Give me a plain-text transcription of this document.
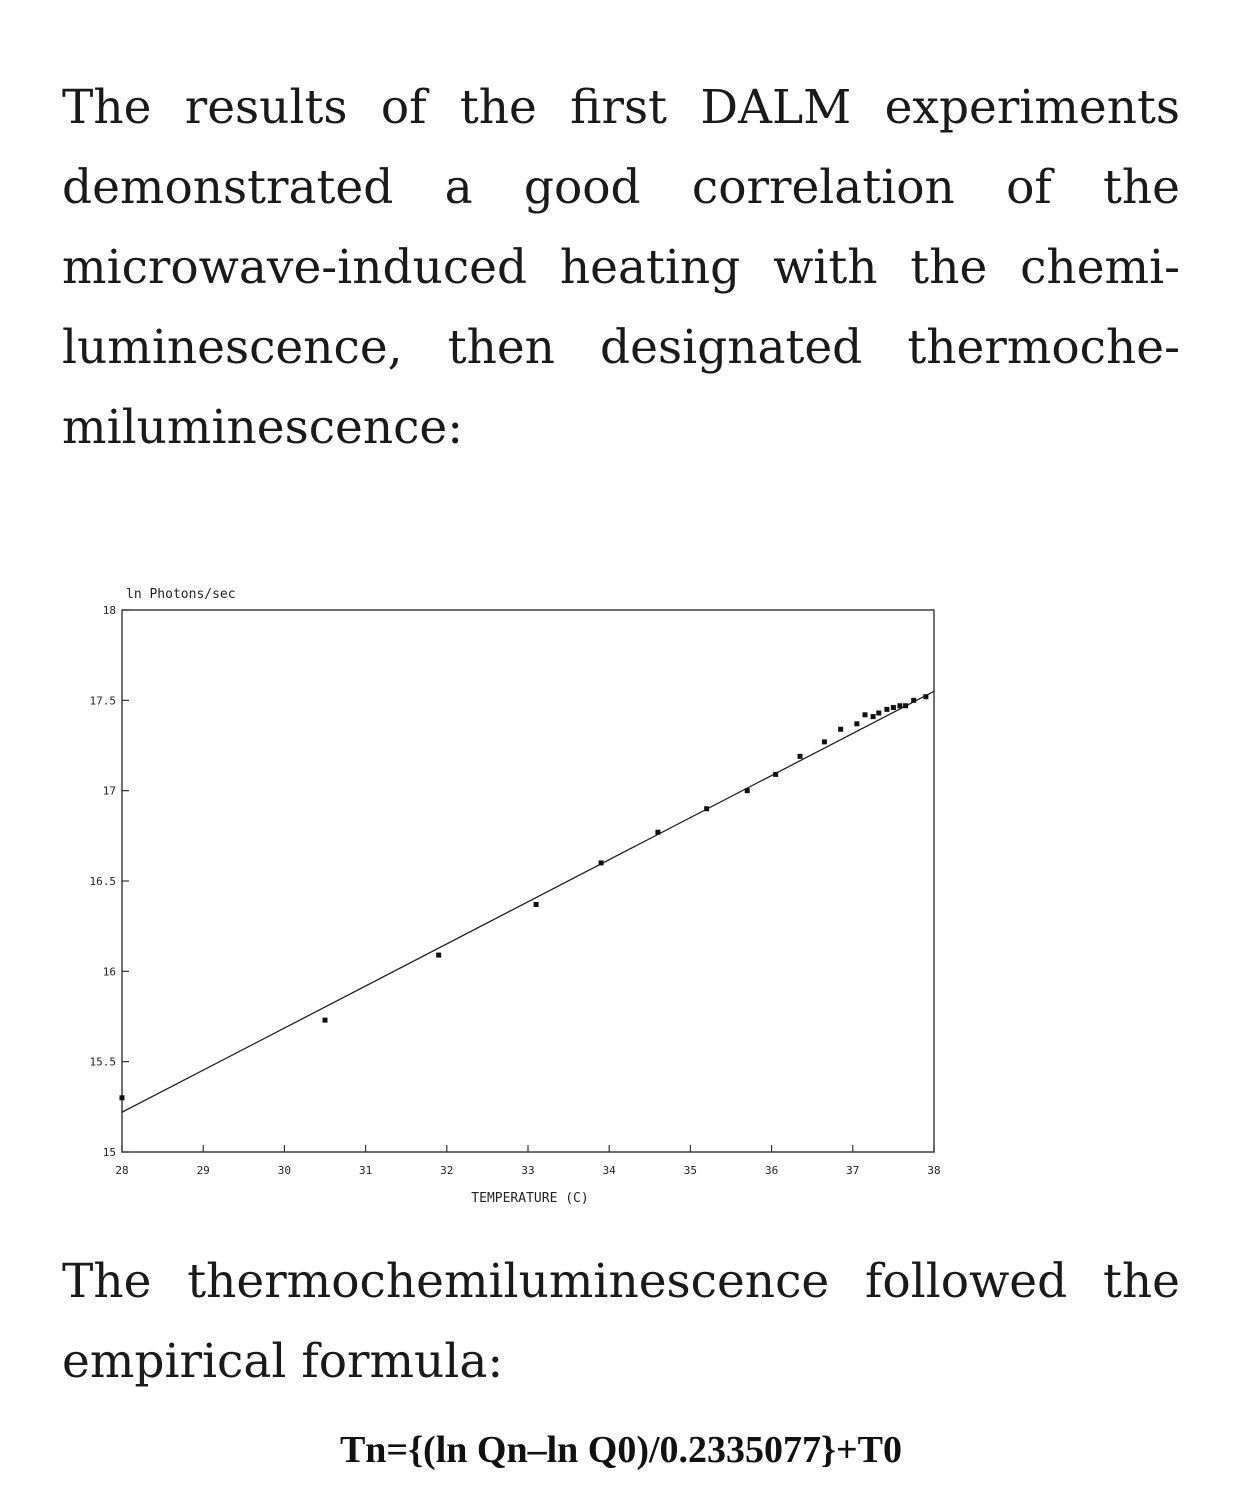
The results of the first DALM experiments demonstrated a good correlation of the microwave-induced heating with the chemiluminescence, then designated thermochemiluminescence:

ln Photons/sec
TEMPERATURE (C)
28	29	30	31	32	33	34	35	36	37	38
15
15.5
16
16.5
17
17.5
18

The thermochemiluminescence followed the empirical formula:

Tn={(ln Qn–ln Q0)/0.2335077}+T0
